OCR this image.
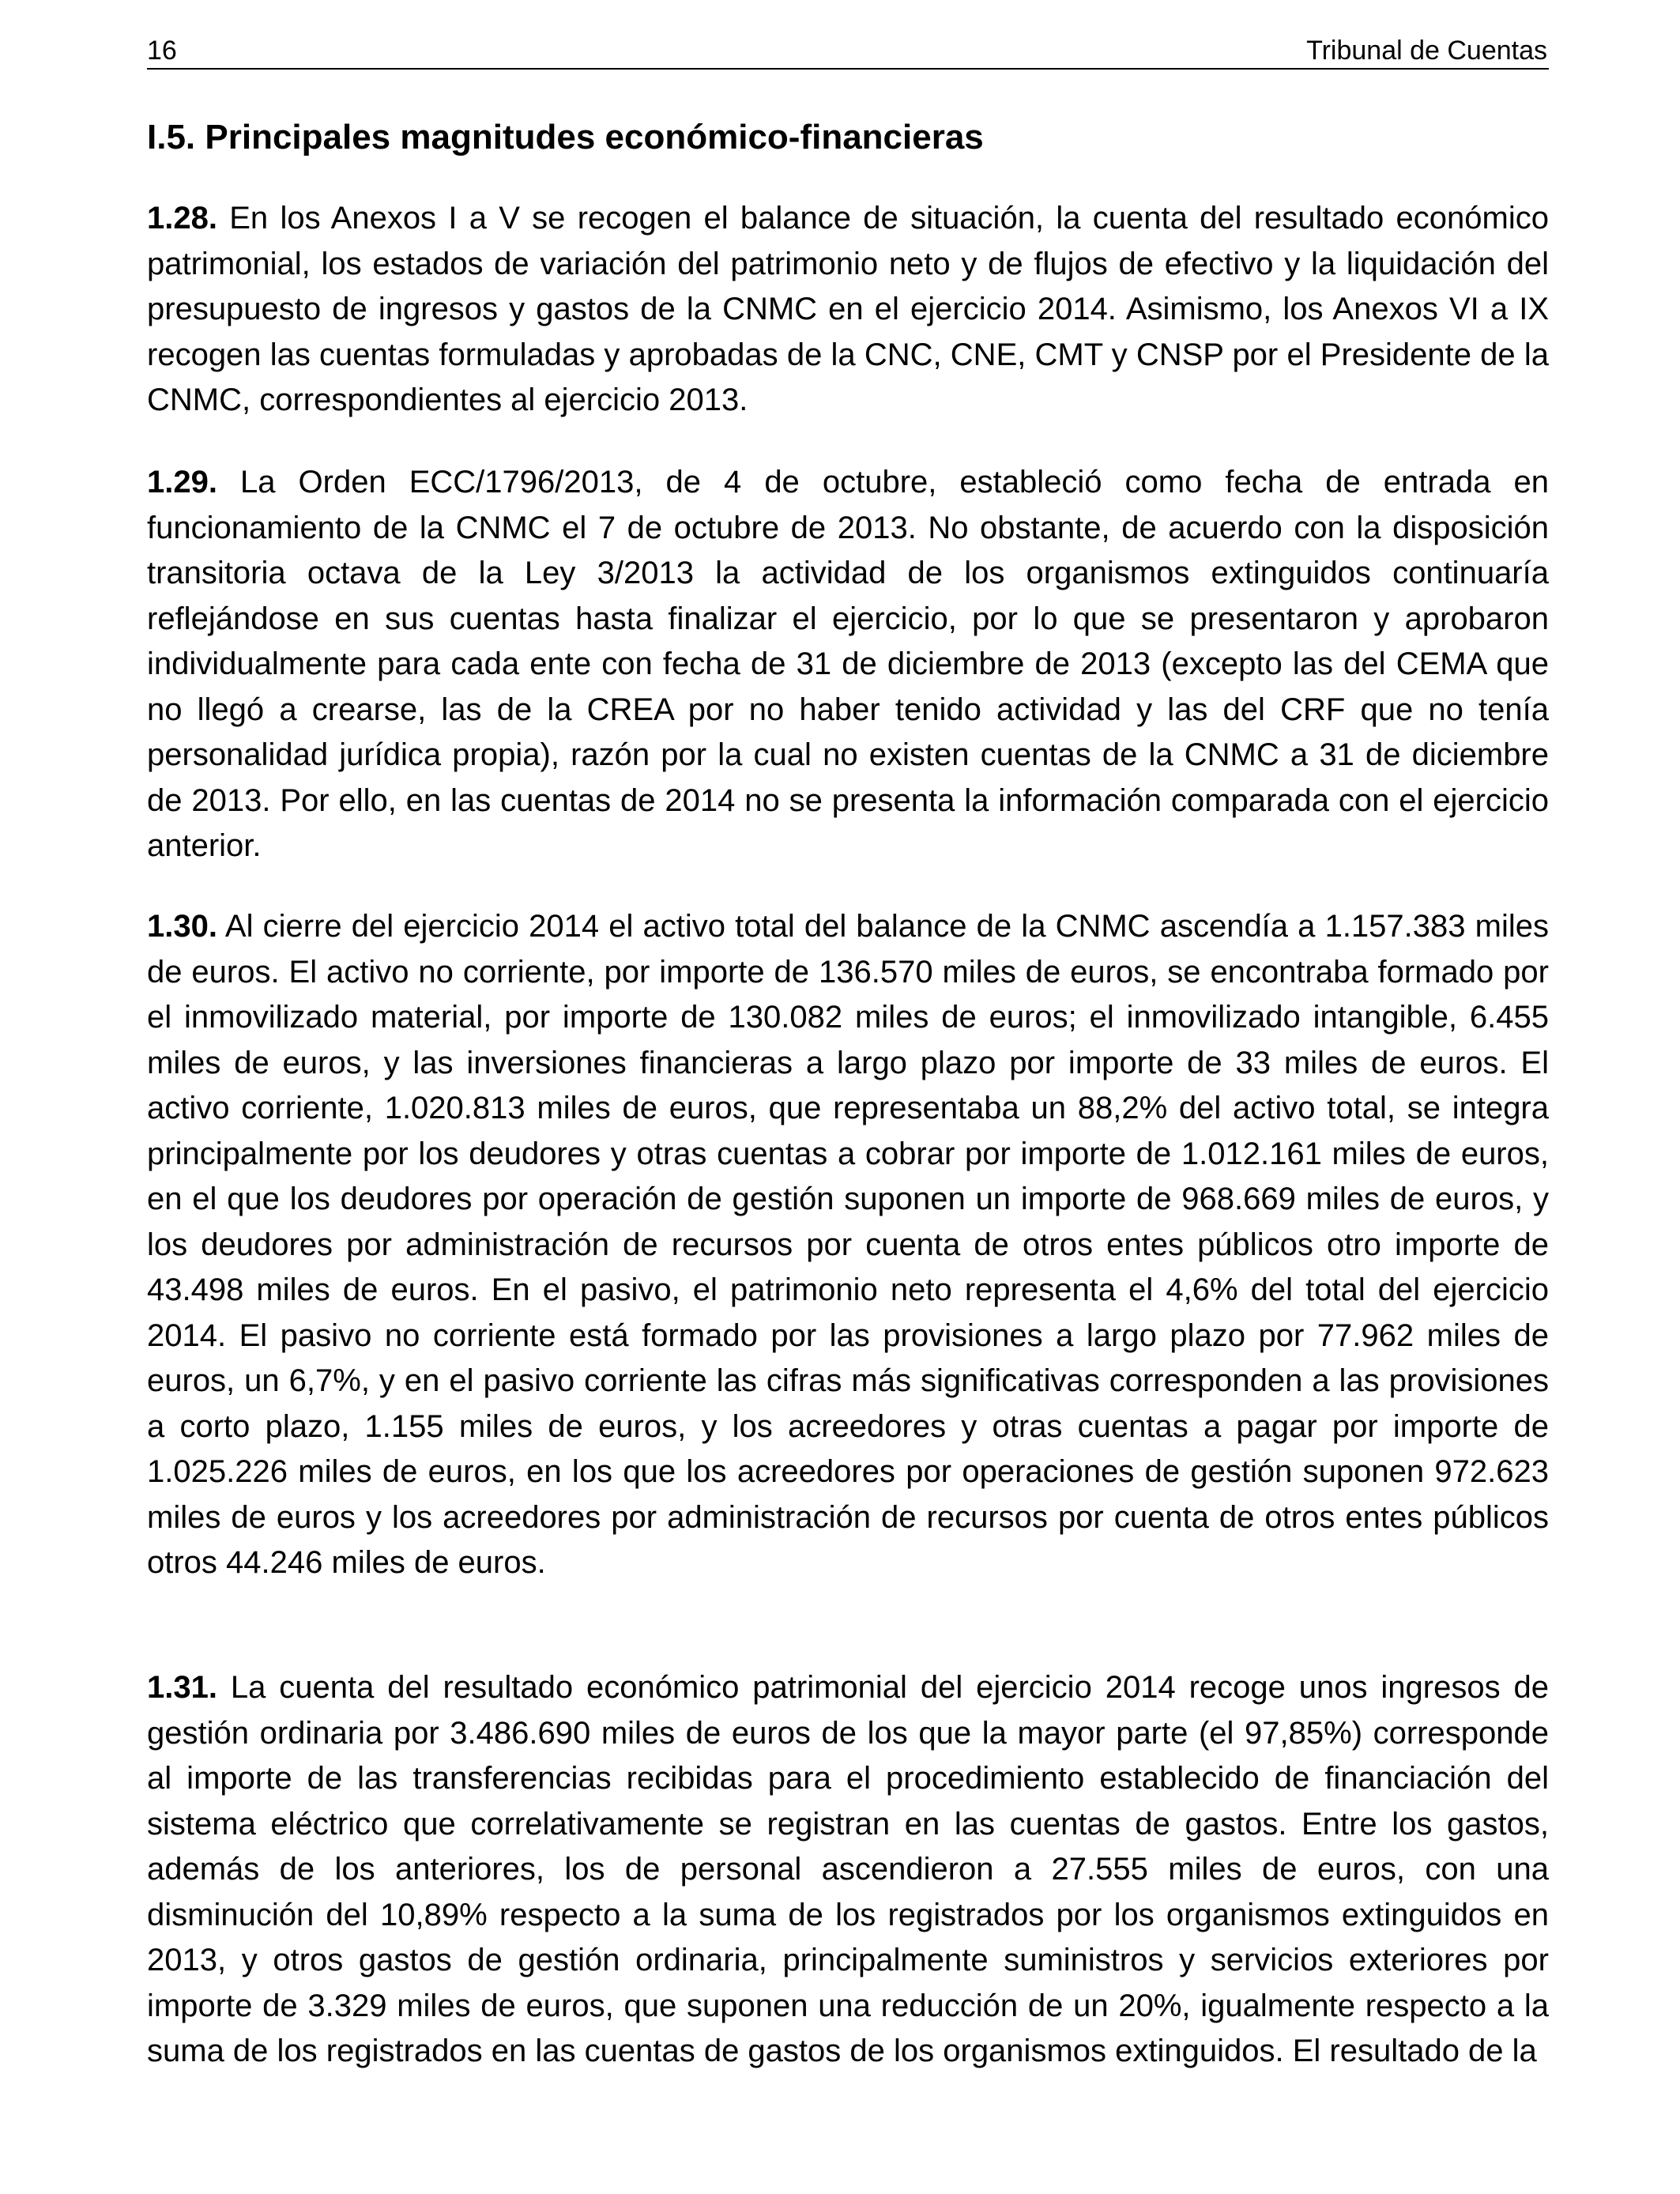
16	Tribunal de Cuentas
I.5. Principales magnitudes económico-financieras

1.28. En los Anexos I a V se recogen el balance de situación, la cuenta del resultado económico patrimonial, los estados de variación del patrimonio neto y de flujos de efectivo y la liquidación del presupuesto de ingresos y gastos de la CNMC en el ejercicio 2014. Asimismo, los Anexos VI a IX recogen las cuentas formuladas y aprobadas de la CNC, CNE, CMT y CNSP por el Presidente de la CNMC, correspondientes al ejercicio 2013.

1.29. La Orden ECC/1796/2013, de 4 de octubre, estableció como fecha de entrada en funcionamiento de la CNMC el 7 de octubre de 2013. No obstante, de acuerdo con la disposición transitoria octava de la Ley 3/2013 la actividad de los organismos extinguidos continuaría reflejándose en sus cuentas hasta finalizar el ejercicio, por lo que se presentaron y aprobaron individualmente para cada ente con fecha de 31 de diciembre de 2013 (excepto las del CEMA que no llegó a crearse, las de la CREA por no haber tenido actividad y las del CRF que no tenía personalidad jurídica propia), razón por la cual no existen cuentas de la CNMC a 31 de diciembre de 2013. Por ello, en las cuentas de 2014 no se presenta la información comparada con el ejercicio anterior.

1.30. Al cierre del ejercicio 2014 el activo total del balance de la CNMC ascendía a 1.157.383 miles de euros. El activo no corriente, por importe de 136.570 miles de euros, se encontraba formado por el inmovilizado material, por importe de 130.082 miles de euros; el inmovilizado intangible, 6.455 miles de euros, y las inversiones financieras a largo plazo por importe de 33 miles de euros. El activo corriente, 1.020.813 miles de euros, que representaba un 88,2% del activo total, se integra principalmente por los deudores y otras cuentas a cobrar por importe de 1.012.161 miles de euros, en el que los deudores por operación de gestión suponen un importe de 968.669 miles de euros, y los deudores por administración de recursos por cuenta de otros entes públicos otro importe de 43.498 miles de euros. En el pasivo, el patrimonio neto representa el 4,6% del total del ejercicio 2014. El pasivo no corriente está formado por las provisiones a largo plazo por 77.962 miles de euros, un 6,7%, y en el pasivo corriente las cifras más significativas corresponden a las provisiones a corto plazo, 1.155 miles de euros, y los acreedores y otras cuentas a pagar por importe de 1.025.226 miles de euros, en los que los acreedores por operaciones de gestión suponen 972.623 miles de euros y los acreedores por administración de recursos por cuenta de otros entes públicos otros 44.246 miles de euros.

1.31. La cuenta del resultado económico patrimonial del ejercicio 2014 recoge unos ingresos de gestión ordinaria por 3.486.690 miles de euros de los que la mayor parte (el 97,85%) corresponde al importe de las transferencias recibidas para el procedimiento establecido de financiación del sistema eléctrico que correlativamente se registran en las cuentas de gastos. Entre los gastos, además de los anteriores, los de personal ascendieron a 27.555 miles de euros, con una disminución del 10,89% respecto a la suma de los registrados por los organismos extinguidos en 2013, y otros gastos de gestión ordinaria, principalmente suministros y servicios exteriores por importe de 3.329 miles de euros, que suponen una reducción de un 20%, igualmente respecto a la suma de los registrados en las cuentas de gastos de los organismos extinguidos. El resultado de la
